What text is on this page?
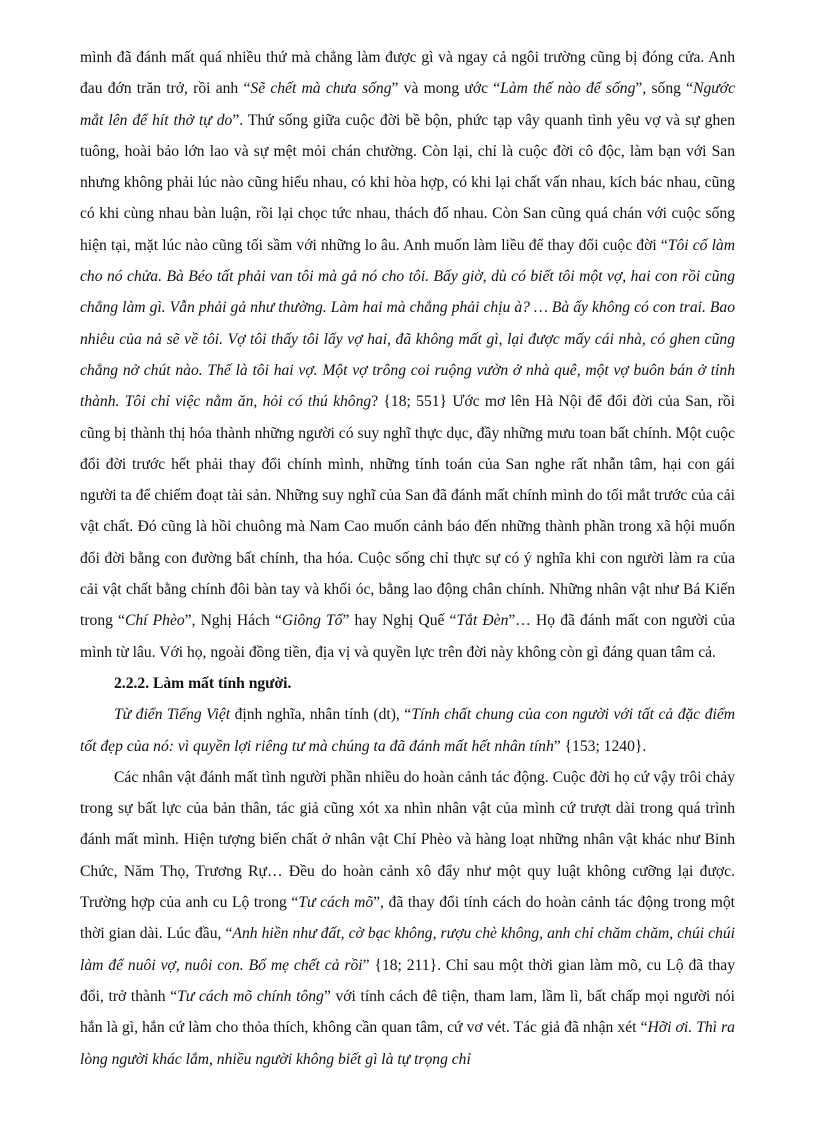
mình đã đánh mất quá nhiều thứ mà chẳng làm được gì và ngay cả ngôi trường cũng bị đóng cửa. Anh đau đớn trăn trở, rồi anh “Sẽ chết mà chưa sống” và mong ước “Làm thế nào để sống”, sống “Ngước mắt lên để hít thở tự do”. Thứ sống giữa cuộc đời bề bộn, phức tạp vây quanh tình yêu vợ và sự ghen tuông, hoài bảo lớn lao và sự mệt mỏi chán chường. Còn lại, chỉ là cuộc đời cô độc, làm bạn với San nhưng không phải lúc nào cũng hiểu nhau, có khi hòa hợp, có khi lại chất vấn nhau, kích bác nhau, cũng có khi cùng nhau bàn luận, rồi lại chọc tức nhau, thách đố nhau. Còn San cũng quá chán với cuộc sống hiện tại, mặt lúc nào cũng tối sầm với những lo âu. Anh muốn làm liều để thay đổi cuộc đời “Tôi cố làm cho nó chửa. Bà Béo tất phải van tôi mà gả nó cho tôi. Bấy giờ, dù có biết tôi một vợ, hai con rồi cũng chẳng làm gì. Vẫn phải gả như thường. Làm hai mà chẳng phải chịu à? … Bà ấy không có con trai. Bao nhiêu của nả sẽ về tôi. Vợ tôi thấy tôi lấy vợ hai, đã không mất gì, lại được mấy cái nhà, có ghen cũng chẳng nở chút nào. Thế là tôi hai vợ. Một vợ trông coi ruộng vườn ở nhà quê, một vợ buôn bán ở tỉnh thành. Tôi chỉ việc nằm ăn, hỏi có thú không? {18; 551} Ước mơ lên Hà Nội để đổi đời của San, rồi cũng bị thành thị hóa thành những người có suy nghĩ thực dục, đầy những mưu toan bất chính. Một cuộc đổi đời trước hết phải thay đổi chính mình, những tính toán của San nghe rất nhẫn tâm, hại con gái người ta để chiếm đoạt tài sản. Những suy nghĩ của San đã đánh mất chính mình do tối mắt trước của cải vật chất. Đó cũng là hồi chuông mà Nam Cao muốn cảnh báo đến những thành phần trong xã hội muốn đổi đời bằng con đường bất chính, tha hóa. Cuộc sống chỉ thực sự có ý nghĩa khi con người làm ra của cải vật chất bằng chính đôi bàn tay và khối óc, bằng lao động chân chính. Những nhân vật như Bá Kiến trong “Chí Phèo”, Nghị Hách “Giông Tố” hay Nghị Quế “Tắt Đèn”… Họ đã đánh mất con người của mình từ lâu. Với họ, ngoài đồng tiền, địa vị và quyền lực trên đời này không còn gì đáng quan tâm cả.

2.2.2. Làm mất tính người.

Từ điển Tiếng Việt định nghĩa, nhân tính (dt), “Tính chất chung của con người với tất cả đặc điểm tốt đẹp của nó: vì quyền lợi riêng tư mà chúng ta đã đánh mất hết nhân tính” {153; 1240}.

Các nhân vật đánh mất tình người phần nhiều do hoàn cảnh tác động. Cuộc đời họ cứ vậy trôi chảy trong sự bất lực của bản thân, tác giả cũng xót xa nhìn nhân vật của mình cứ trượt dài trong quá trình đánh mất mình. Hiện tượng biến chất ở nhân vật Chí Phèo và hàng loạt những nhân vật khác như Binh Chức, Năm Thọ, Trương Rự… Đều do hoàn cảnh xô đẩy như một quy luật không cưỡng lại được. Trường hợp của anh cu Lộ trong “Tư cách mõ”, đã thay đổi tính cách do hoàn cảnh tác động trong một thời gian dài. Lúc đầu, “Anh hiền như đất, cờ bạc không, rượu chè không, anh chỉ chăm chăm, chúi chúi làm để nuôi vợ, nuôi con. Bố mẹ chết cả rồi” {18; 211}. Chỉ sau một thời gian làm mõ, cu Lộ đã thay đổi, trở thành “Tư cách mõ chính tông” với tính cách đê tiện, tham lam, lầm lì, bất chấp mọi người nói hắn là gì, hắn cứ làm cho thỏa thích, không cần quan tâm, cứ vơ vét. Tác giả đã nhận xét “Hỡi ơi. Thì ra lòng người khác lắm, nhiều người không biết gì là tự trọng chỉ
